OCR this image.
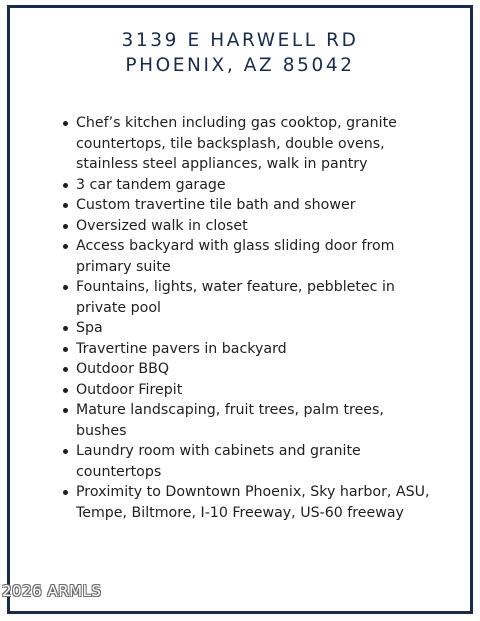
3139 E HARWELL RD
PHOENIX, AZ 85042
Chef’s kitchen including gas cooktop, granite countertops, tile backsplash, double ovens, stainless steel appliances, walk in pantry
3 car tandem garage
Custom travertine tile bath and shower
Oversized walk in closet
Access backyard with glass sliding door from primary suite
Fountains, lights, water feature, pebbletec in private pool
Spa
Travertine pavers in backyard
Outdoor BBQ
Outdoor Firepit
Mature landscaping, fruit trees, palm trees, bushes
Laundry room with cabinets and granite countertops
Proximity to Downtown Phoenix, Sky harbor, ASU, Tempe, Biltmore, I-10 Freeway, US-60 freeway
2026 ARMLS
